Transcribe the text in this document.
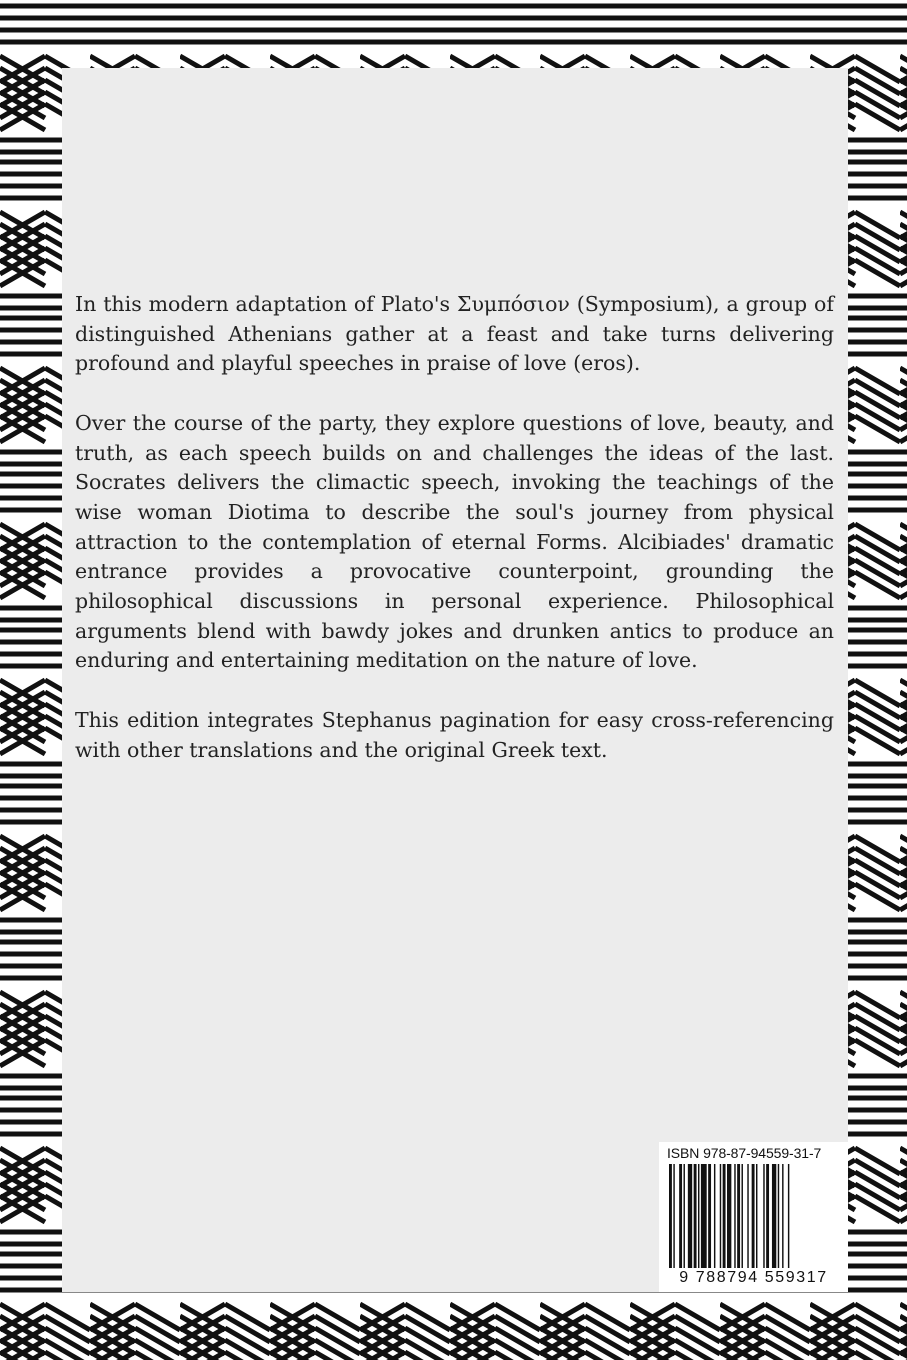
In this modern adaptation of Plato's Συμπόσιον (Symposium), a group of distinguished Athenians gather at a feast and take turns delivering profound and playful speeches in praise of love (eros).

Over the course of the party, they explore questions of love, beauty, and truth, as each speech builds on and challenges the ideas of the last. Socrates delivers the climactic speech, invoking the teachings of the wise woman Diotima to describe the soul's journey from physical attraction to the contemplation of eternal Forms. Alcibiades' dramatic entrance provides a provocative counterpoint, grounding the philosophical discussions in personal experience. Philosophical arguments blend with bawdy jokes and drunken antics to produce an enduring and entertaining meditation on the nature of love.

This edition integrates Stephanus pagination for easy cross-referencing with other translations and the original Greek text.

ISBN 978-87-94559-31-7
9 788794 559317
